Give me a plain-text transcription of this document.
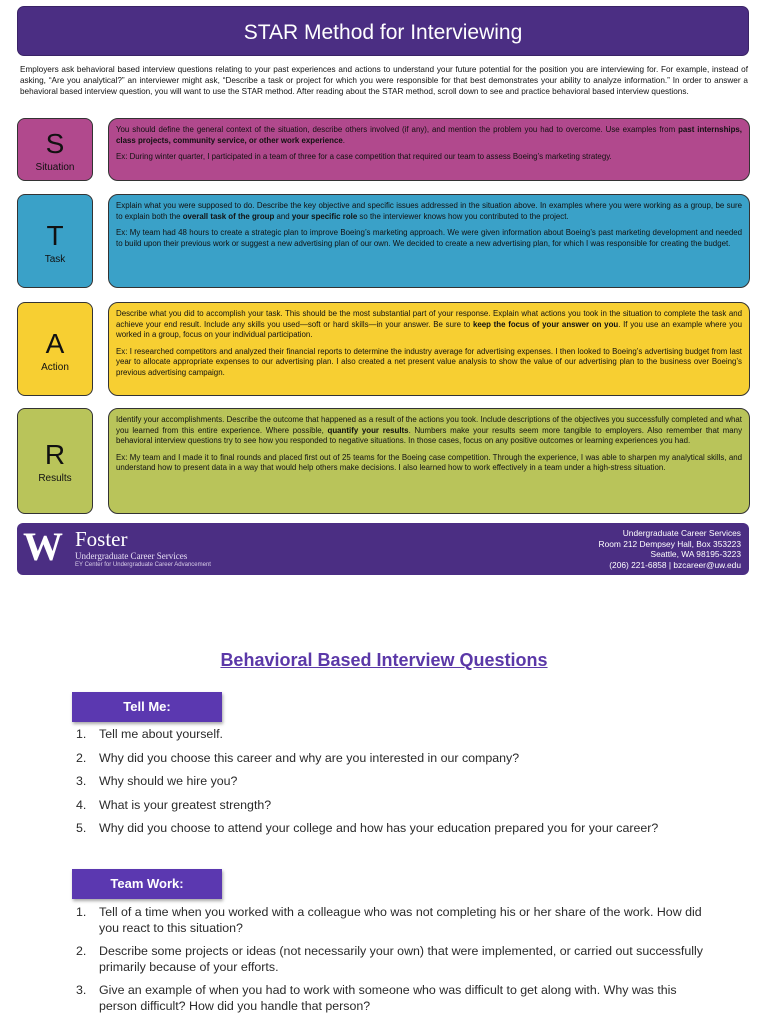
STAR Method for Interviewing
Employers ask behavioral based interview questions relating to your past experiences and actions to understand your future potential for the position you are interviewing for. For example, instead of asking, “Are you analytical?” an interviewer might ask, “Describe a task or project for which you were responsible for that best demonstrates your ability to analyze information.” In order to answer a behavioral based interview question, you will want to use the STAR method. After reading about the STAR method, scroll down to see and practice behavioral based interview questions.
S
Situation

You should define the general context of the situation, describe others involved (if any), and mention the problem you had to overcome. Use examples from past internships, class projects, community service, or other work experience.

Ex: During winter quarter, I participated in a team of three for a case competition that required our team to assess Boeing’s marketing strategy.

T
Task

Explain what you were supposed to do. Describe the key objective and specific issues addressed in the situation above. In examples where you were working as a group, be sure to explain both the overall task of the group and your specific role so the interviewer knows how you contributed to the project.

Ex: My team had 48 hours to create a strategic plan to improve Boeing’s marketing approach. We were given information about Boeing’s past marketing development and needed to build upon their previous work or suggest a new advertising plan of our own. We decided to create a new advertising plan, for which I was responsible for creating the budget.

A
Action

Describe what you did to accomplish your task. This should be the most substantial part of your response. Explain what actions you took in the situation to complete the task and achieve your end result. Include any skills you used—soft or hard skills—in your answer. Be sure to keep the focus of your answer on you. If you use an example where you worked in a group, focus on your individual participation.

Ex: I researched competitors and analyzed their financial reports to determine the industry average for advertising expenses. I then looked to Boeing’s advertising budget from last year to allocate appropriate expenses to our advertising plan. I also created a net present value analysis to show the value of our advertising plan to the business over Boeing’s previous advertising campaign.

R
Results

Identify your accomplishments. Describe the outcome that happened as a result of the actions you took. Include descriptions of the objectives you successfully completed and what you learned from this entire experience. Where possible, quantify your results. Numbers make your results seem more tangible to employers. Also remember that many behavioral interview questions try to see how you responded to negative situations. In those cases, focus on any positive outcomes or learning experiences you had.

Ex: My team and I made it to final rounds and placed first out of 25 teams for the Boeing case competition. Through the experience, I was able to sharpen my analytical skills, and understand how to present data in a way that would help others make decisions. I also learned how to work effectively in a team under a high-stress situation.

W Foster
Undergraduate Career Services
EY Center for Undergraduate Career Advancement
Undergraduate Career Services
Room 212 Dempsey Hall, Box 353223
Seattle, WA 98195-3223
(206) 221-6858 | bzcareer@uw.edu
Behavioral Based Interview Questions
Tell Me:
1. Tell me about yourself.
2. Why did you choose this career and why are you interested in our company?
3. Why should we hire you?
4. What is your greatest strength?
5. Why did you choose to attend your college and how has your education prepared you for your career?
Team Work:
1. Tell of a time when you worked with a colleague who was not completing his or her share of the work. How did you react to this situation?
2. Describe some projects or ideas (not necessarily your own) that were implemented, or carried out successfully primarily because of your efforts.
3. Give an example of when you had to work with someone who was difficult to get along with. Why was this person difficult? How did you handle that person?
